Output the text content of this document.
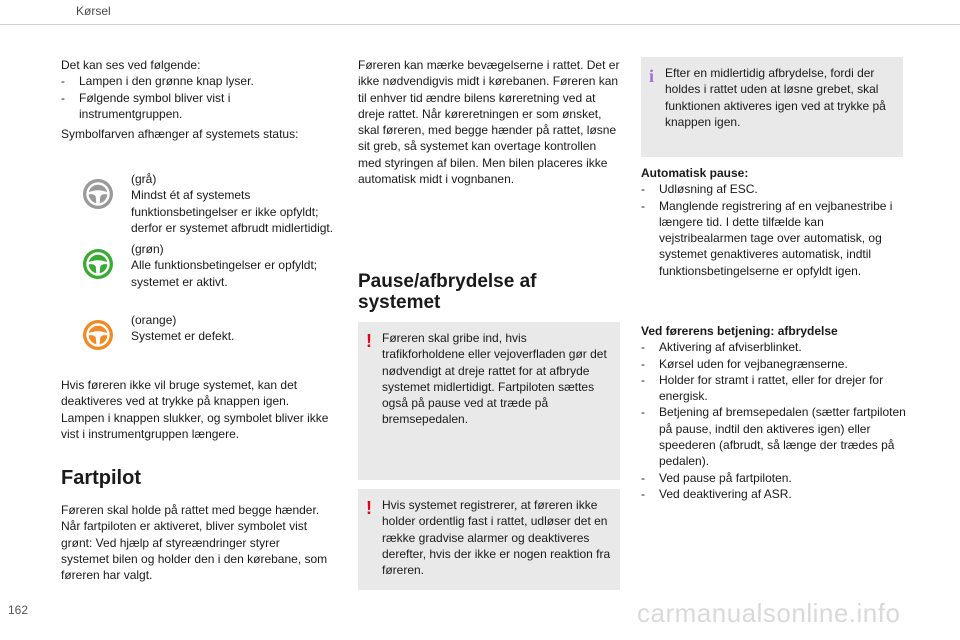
Kørsel

Det kan ses ved følgende:

- Lampen i den grønne knap lyser.

- Følgende symbol bliver vist i instrumentgruppen.

Symbolfarven afhænger af systemets status:

(grå)

Mindst ét af systemets funktionsbetingelser er ikke opfyldt; derfor er systemet afbrudt midlertidigt.

(grøn)

Alle funktionsbetingelser er opfyldt; systemet er aktivt.

(orange)

Systemet er defekt.

Hvis føreren ikke vil bruge systemet, kan det deaktiveres ved at trykke på knappen igen. Lampen i knappen slukker, og symbolet bliver ikke vist i instrumentgruppen længere.
Fartpilot

Føreren skal holde på rattet med begge hænder.

Når fartpiloten er aktiveret, bliver symbolet vist grønt: Ved hjælp af styreændringer styrer systemet bilen og holder den i den kørebane, som føreren har valgt.

Føreren kan mærke bevægelserne i rattet. Det er ikke nødvendigvis midt i kørebanen. Føreren kan til enhver tid ændre bilens køreretning ved at dreje rattet. Når køreretningen er som ønsket, skal føreren, med begge hænder på rattet, løsne sit greb, så systemet kan overtage kontrollen med styringen af bilen. Men bilen placeres ikke automatisk midt i vognbanen.
Pause/afbrydelse af systemet
! Føreren skal gribe ind, hvis trafikforholdene eller vejoverfladen gør det nødvendigt at dreje rattet for at afbryde systemet midlertidigt. Fartpiloten sættes også på pause ved at træde på bremsepedalen.
! Hvis systemet registrerer, at føreren ikke holder ordentlig fast i rattet, udløser det en række gradvise alarmer og deaktiveres derefter, hvis der ikke er nogen reaktion fra føreren.
i Efter en midlertidig afbrydelse, fordi der holdes i rattet uden at løsne grebet, skal funktionen aktiveres igen ved at trykke på knappen igen.

Automatisk pause:

- Udløsning af ESC.

- Manglende registrering af en vejbanestribe i længere tid. I dette tilfælde kan vejstribealarmen tage over automatisk, og systemet genaktiveres automatisk, indtil funktionsbetingelserne er opfyldt igen.

Ved førerens betjening: afbrydelse

- Aktivering af afviserblinket.

- Kørsel uden for vejbanegrænserne.

- Holder for stramt i rattet, eller for drejer for energisk.

- Betjening af bremsepedalen (sætter fartpiloten på pause, indtil den aktiveres igen) eller speederen (afbrudt, så længe der trædes på pedalen).

- Ved pause på fartpiloten.

- Ved deaktivering af ASR.

162	carmanualsonline.info
